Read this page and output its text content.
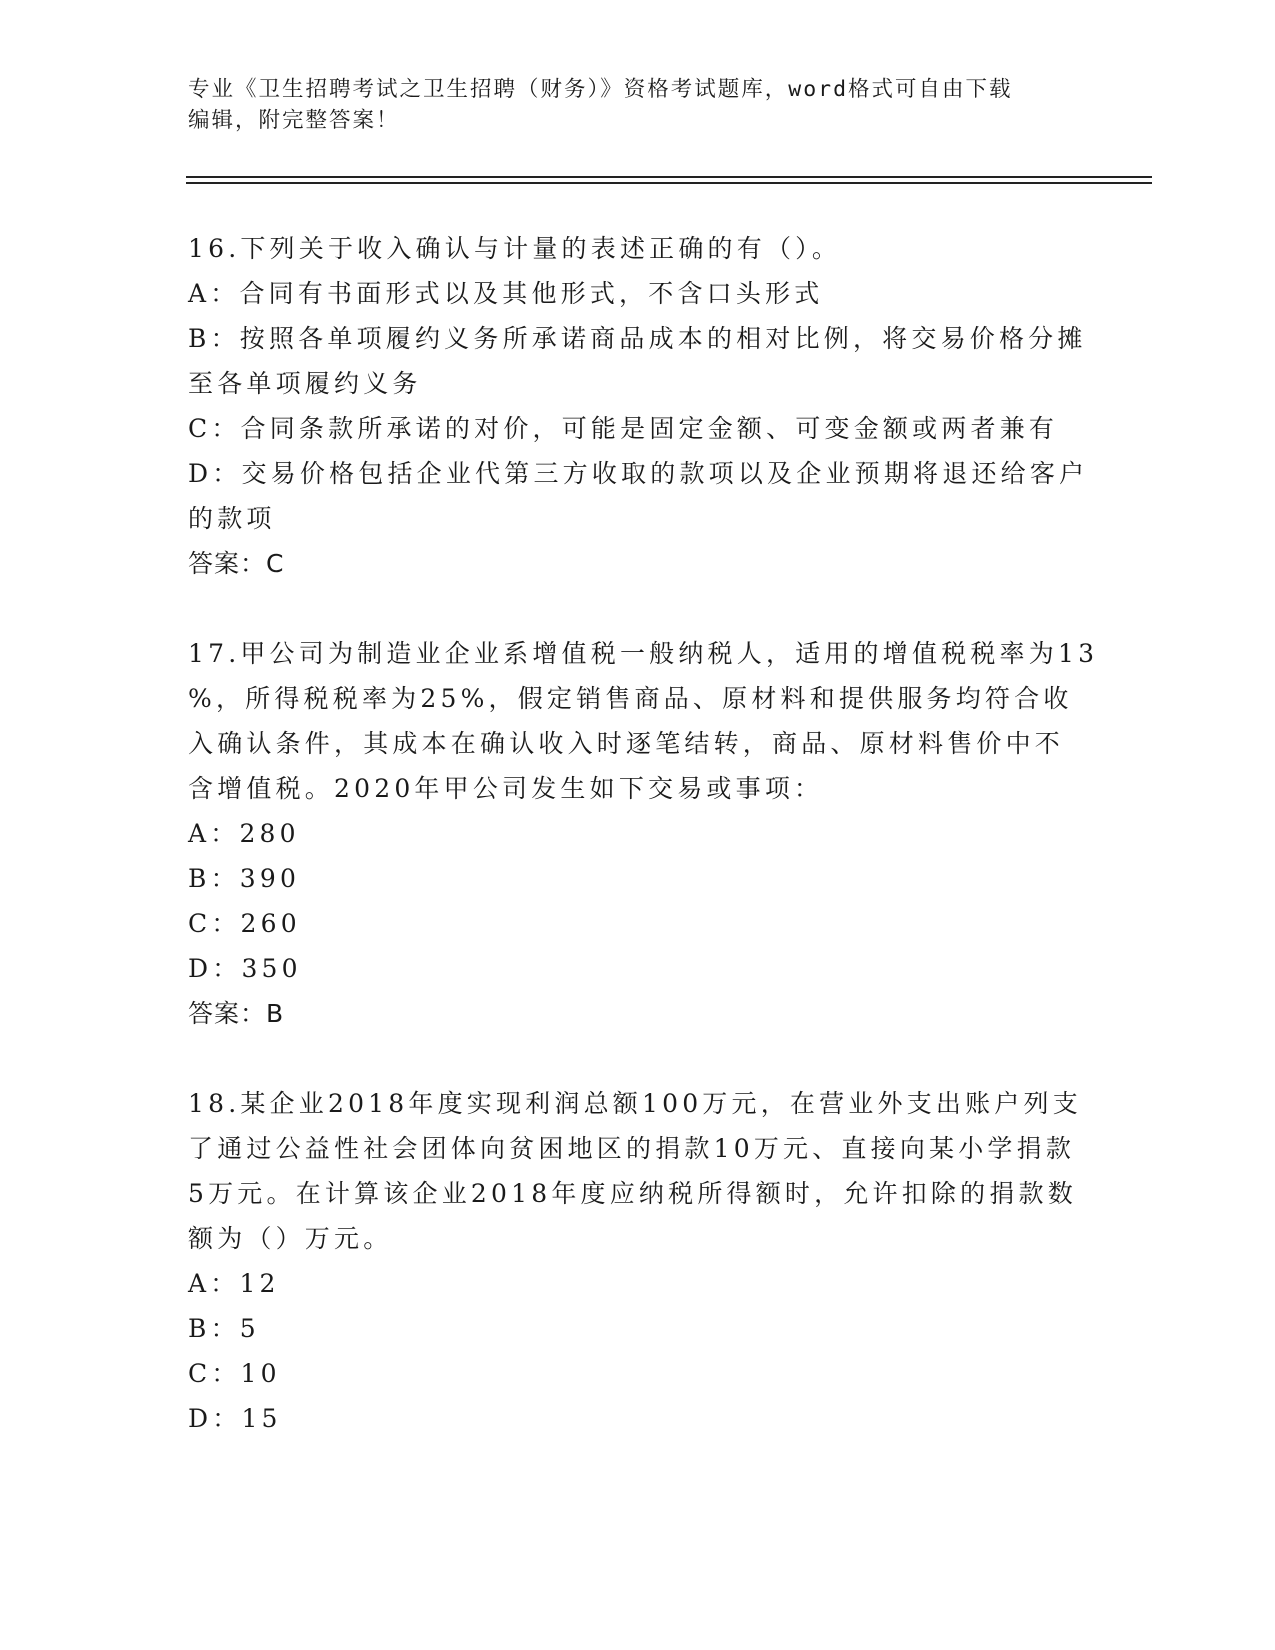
专业《卫生招聘考试之卫生招聘（财务）》资格考试题库，word格式可自由下载
编辑，附完整答案！
16.下列关于收入确认与计量的表述正确的有（）。
A：合同有书面形式以及其他形式，不含口头形式
B：按照各单项履约义务所承诺商品成本的相对比例，将交易价格分摊
至各单项履约义务
C：合同条款所承诺的对价，可能是固定金额、可变金额或两者兼有
D：交易价格包括企业代第三方收取的款项以及企业预期将退还给客户
的款项
答案：C
17.甲公司为制造业企业系增值税一般纳税人，适用的增值税税率为13
%，所得税税率为25%，假定销售商品、原材料和提供服务均符合收
入确认条件，其成本在确认收入时逐笔结转，商品、原材料售价中不
含增值税。2020年甲公司发生如下交易或事项：
A：280
B：390
C：260
D：350
答案：B
18.某企业2018年度实现利润总额100万元，在营业外支出账户列支
了通过公益性社会团体向贫困地区的捐款10万元、直接向某小学捐款
5万元。在计算该企业2018年度应纳税所得额时，允许扣除的捐款数
额为（）万元。
A：12
B：5
C：10
D：15
